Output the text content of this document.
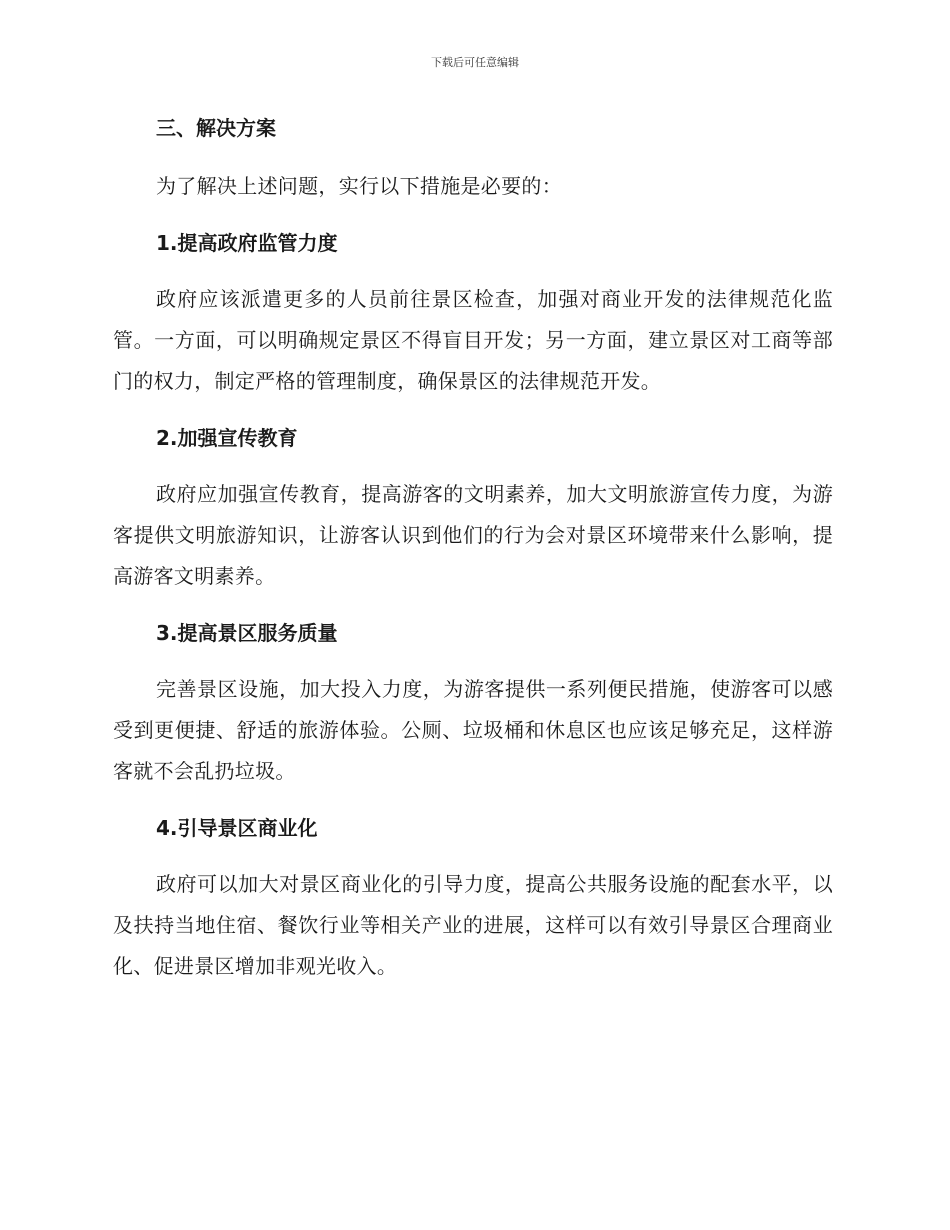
下载后可任意编辑

三、解决方案

为了解决上述问题，实行以下措施是必要的：

1.提高政府监管力度

政府应该派遣更多的人员前往景区检查，加强对商业开发的法律规范化监管。一方面，可以明确规定景区不得盲目开发；另一方面，建立景区对工商等部门的权力，制定严格的管理制度，确保景区的法律规范开发。

2.加强宣传教育

政府应加强宣传教育，提高游客的文明素养，加大文明旅游宣传力度，为游客提供文明旅游知识，让游客认识到他们的行为会对景区环境带来什么影响，提高游客文明素养。

3.提高景区服务质量

完善景区设施，加大投入力度，为游客提供一系列便民措施，使游客可以感受到更便捷、舒适的旅游体验。公厕、垃圾桶和休息区也应该足够充足，这样游客就不会乱扔垃圾。

4.引导景区商业化

政府可以加大对景区商业化的引导力度，提高公共服务设施的配套水平，以及扶持当地住宿、餐饮行业等相关产业的进展，这样可以有效引导景区合理商业化、促进景区增加非观光收入。
